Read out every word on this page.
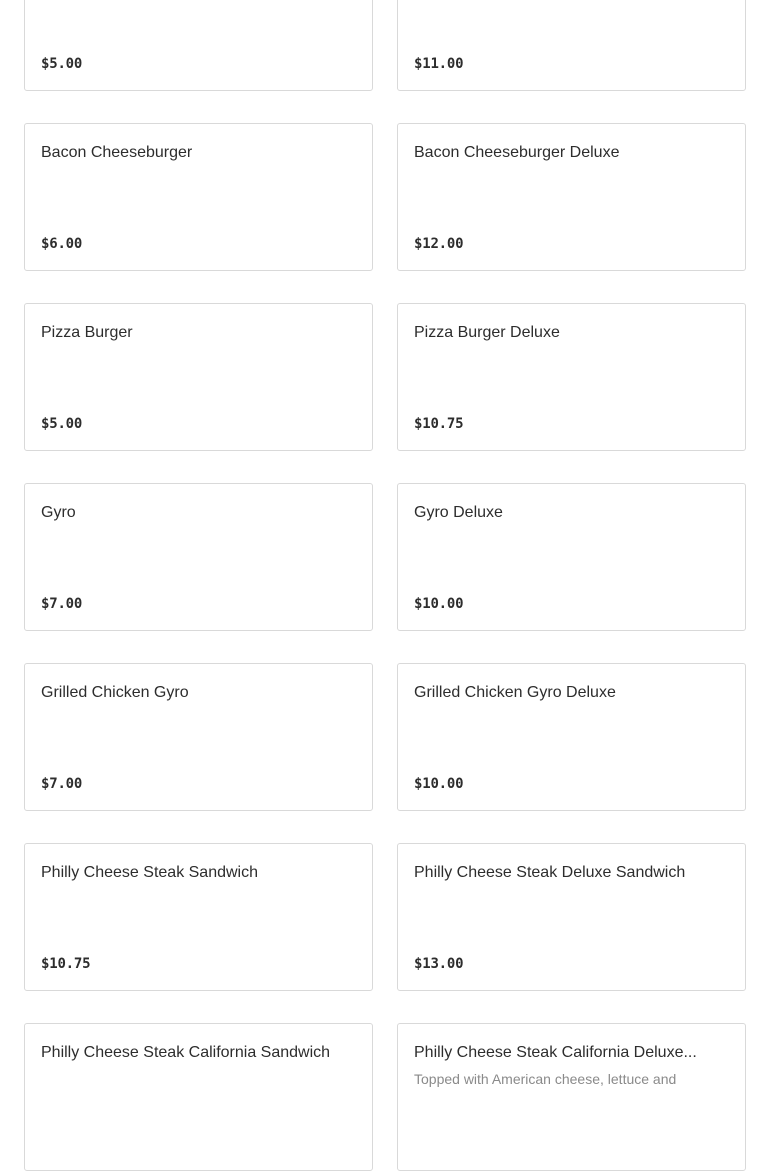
$5.00	$11.00
Bacon Cheeseburger
$6.00
Bacon Cheeseburger Deluxe
$12.00
Pizza Burger
$5.00
Pizza Burger Deluxe
$10.75
Gyro
$7.00
Gyro Deluxe
$10.00
Grilled Chicken Gyro
$7.00
Grilled Chicken Gyro Deluxe
$10.00
Philly Cheese Steak Sandwich
$10.75
Philly Cheese Steak Deluxe Sandwich
$13.00
Philly Cheese Steak California Sandwich	Philly Cheese Steak California Deluxe...
Topped with American cheese, lettuce and
